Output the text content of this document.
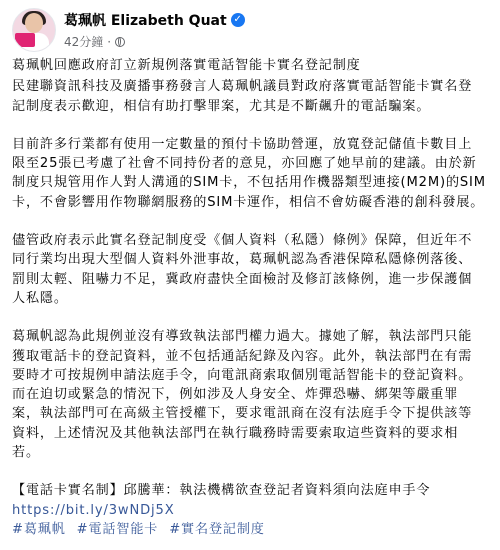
葛珮帆 Elizabeth Quat ✓
42分鐘 ·

葛珮帆回應政府訂立新規例落實電話智能卡實名登記制度

民建聯資訊科技及廣播事務發言人葛珮帆議員對政府落實電話智能卡實名登記制度表示歡迎，相信有助打擊罪案，尤其是不斷飆升的電話騙案。

目前許多行業都有使用一定數量的預付卡協助營運，放寬登記儲值卡數目上限至25張已考慮了社會不同持份者的意見，亦回應了她早前的建議。由於新制度只規管用作人對人溝通的SIM卡，不包括用作機器類型連接(M2M)的SIM卡，不會影響用作物聯網服務的SIM卡運作，相信不會妨礙香港的創科發展。

儘管政府表示此實名登記制度受《個人資料（私隱）條例》保障，但近年不同行業均出現大型個人資料外泄事故，葛珮帆認為香港保障私隱條例落後、罰則太輕、阻嚇力不足，冀政府盡快全面檢討及修訂該條例，進一步保護個人私隱。

葛珮帆認為此規例並沒有導致執法部門權力過大。據她了解，執法部門只能獲取電話卡的登記資料，並不包括通話紀錄及內容。此外，執法部門在有需要時才可按規例申請法庭手令，向電訊商索取個別電話智能卡的登記資料。而在迫切或緊急的情況下，例如涉及人身安全、炸彈恐嚇、綁架等嚴重罪案，執法部門可在高級主管授權下，要求電訊商在沒有法庭手令下提供該等資料，上述情況及其他執法部門在執行職務時需要索取這些資料的要求相若。

【電話卡實名制】邱騰華：執法機構欲查登記者資料須向法庭申手令

https://bit.ly/3wNDj5X

#葛珮帆 #電話智能卡 #實名登記制度
